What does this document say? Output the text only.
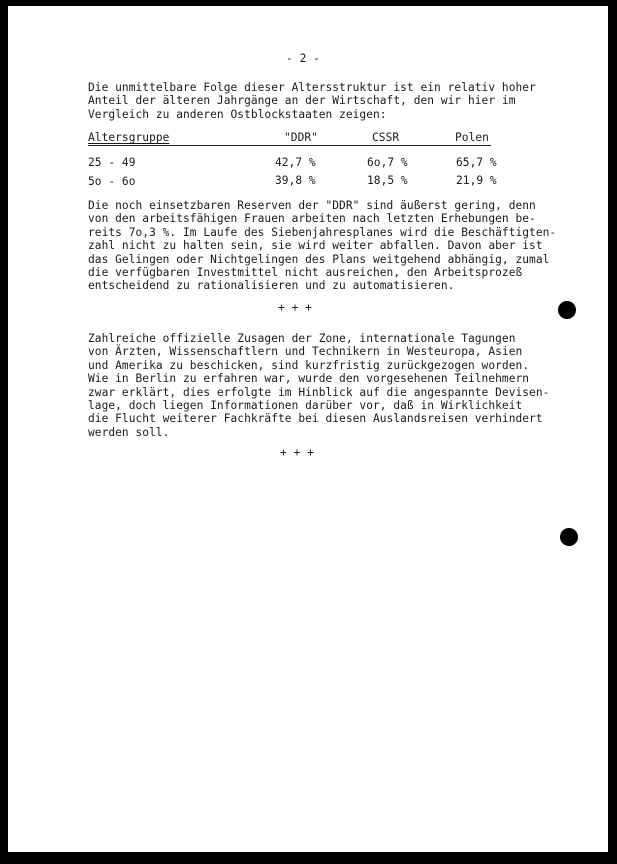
- 2 -
Die unmittelbare Folge dieser Altersstruktur ist ein relativ hoher
Anteil der älteren Jahrgänge an der Wirtschaft, den wir hier im
Vergleich zu anderen Ostblockstaaten zeigen:
Altersgruppe	"DDR"	CSSR	Polen
25 - 49	42,7 %	6o,7 %	65,7 %
5o - 6o	39,8 %	18,5 %	21,9 %
Die noch einsetzbaren Reserven der "DDR" sind äußerst gering, denn
von den arbeitsfähigen Frauen arbeiten nach letzten Erhebungen be-
reits 7o,3 %. Im Laufe des Siebenjahresplanes wird die Beschäftigten-
zahl nicht zu halten sein, sie wird weiter abfallen. Davon aber ist
das Gelingen oder Nichtgelingen des Plans weitgehend abhängig, zumal
die verfügbaren Investmittel nicht ausreichen, den Arbeitsprozeß
entscheidend zu rationalisieren und zu automatisieren.
+ + +
Zahlreiche offizielle Zusagen der Zone, internationale Tagungen
von Ärzten, Wissenschaftlern und Technikern in Westeuropa, Asien
und Amerika zu beschicken, sind kurzfristig zurückgezogen worden.
Wie in Berlin zu erfahren war, wurde den vorgesehenen Teilnehmern
zwar erklärt, dies erfolgte im Hinblick auf die angespannte Devisen-
lage, doch liegen Informationen darüber vor, daß in Wirklichkeit
die Flucht weiterer Fachkräfte bei diesen Auslandsreisen verhindert
werden soll.
+ + +
